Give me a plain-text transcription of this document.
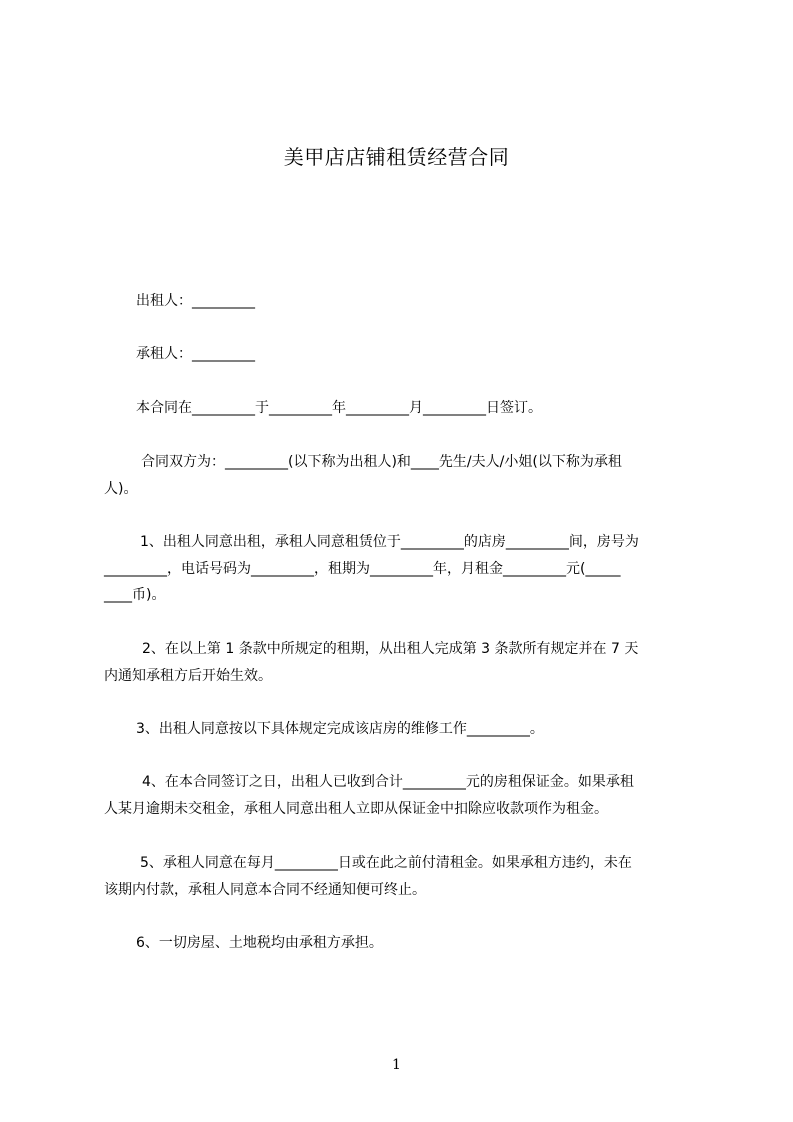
美甲店店铺租赁经营合同
出租人：_________
承租人：_________
本合同在_________于_________年_________月_________日签订。
合同双方为：_________(以下称为出租人)和____先生/夫人/小姐(以下称为承租
人)。
1、出租人同意出租，承租人同意租赁位于_________的店房_________间，房号为
_________，电话号码为_________，租期为_________年，月租金_________元(_____
____币)。
2、在以上第 1 条款中所规定的租期，从出租人完成第 3 条款所有规定并在 7 天
内通知承租方后开始生效。
3、出租人同意按以下具体规定完成该店房的维修工作_________。
4、在本合同签订之日，出租人已收到合计_________元的房租保证金。如果承租
人某月逾期未交租金，承租人同意出租人立即从保证金中扣除应收款项作为租金。
5、承租人同意在每月_________日或在此之前付清租金。如果承租方违约，未在
该期内付款，承租人同意本合同不经通知便可终止。
6、一切房屋、土地税均由承租方承担。
1
